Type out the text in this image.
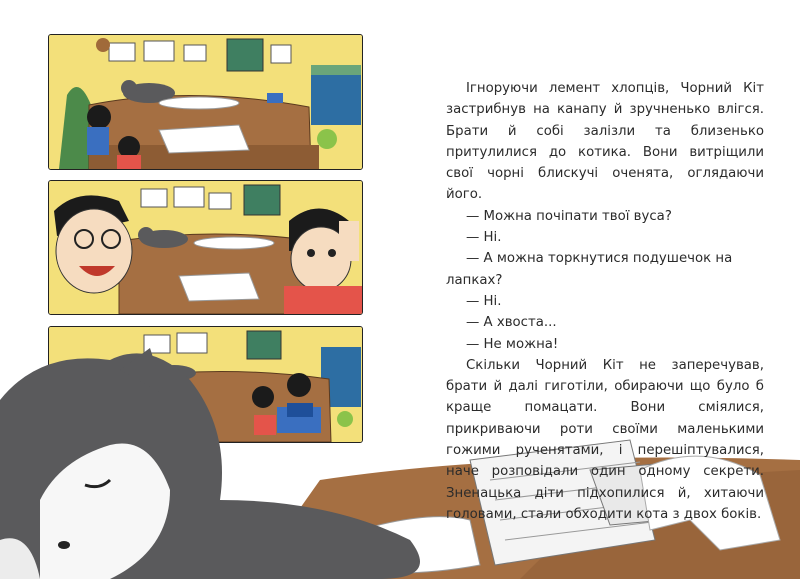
Ігноруючи лемент хлопців, Чорний Кіт застрибнув на канапу й зручненько влігся. Брати й собі залізли та близенько притулилися до котика. Вони витріщили свої чорні блискучі оченята, оглядаючи його.

— Можна почіпати твої вуса?

— Ні.

— А можна торкнутися подушечок на лапках?

— Ні.

— А хвоста...

— Не можна!

Скільки Чорний Кіт не заперечував, брати й далі гиготіли, обираючи що було б краще помацати. Вони сміялися, прикриваючи роти своїми маленькими гожими рученятами, і перешіптувалися, наче розповідали один одному секрети. Зненацька діти підхопилися й, хитаючи головами, стали обходити кота з двох боків.
